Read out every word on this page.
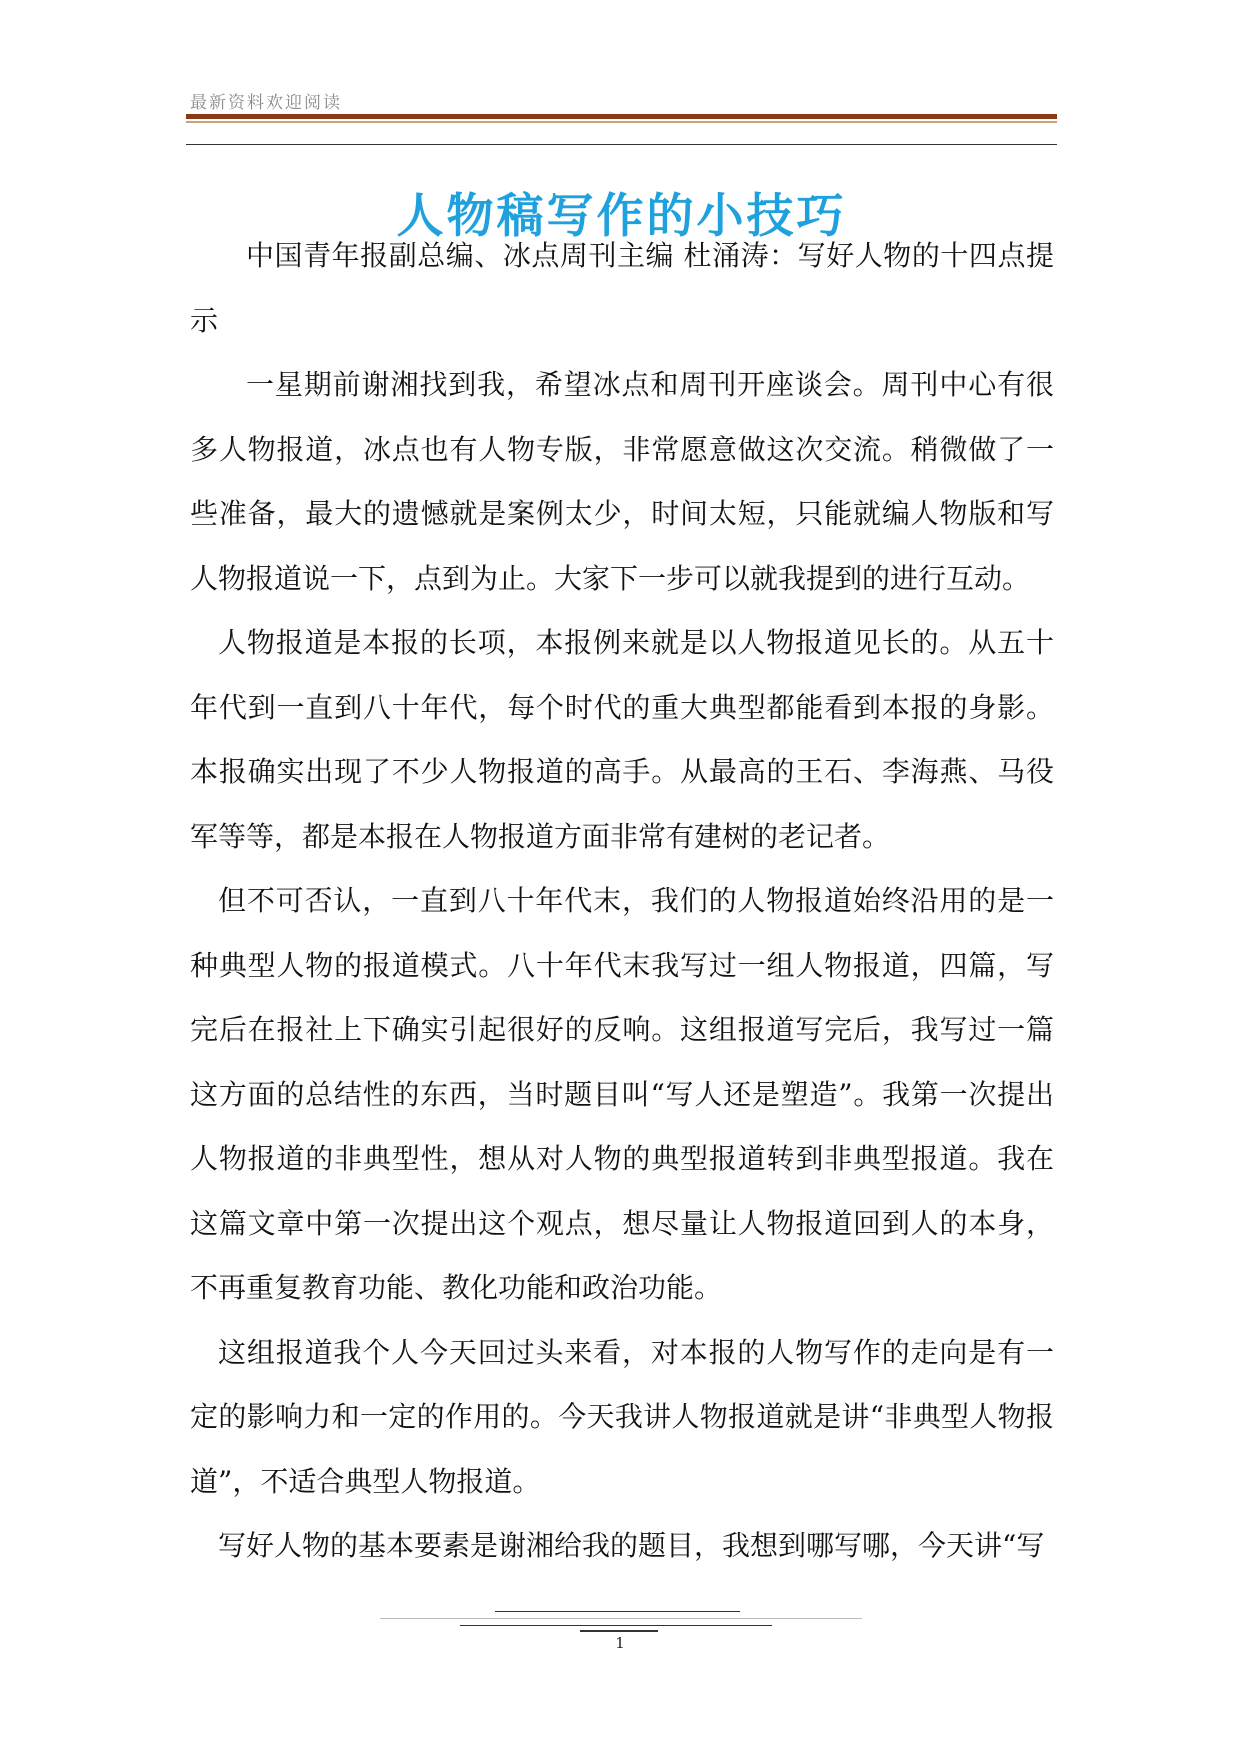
最新资料欢迎阅读
人物稿写作的小技巧

中国青年报副总编、冰点周刊主编 杜涌涛：写好人物的十四点提示

一星期前谢湘找到我，希望冰点和周刊开座谈会。周刊中心有很多人物报道，冰点也有人物专版，非常愿意做这次交流。稍微做了一些准备，最大的遗憾就是案例太少，时间太短，只能就编人物版和写人物报道说一下，点到为止。大家下一步可以就我提到的进行互动。

人物报道是本报的长项，本报例来就是以人物报道见长的。从五十年代到一直到八十年代，每个时代的重大典型都能看到本报的身影。本报确实出现了不少人物报道的高手。从最高的王石、李海燕、马役军等等，都是本报在人物报道方面非常有建树的老记者。

但不可否认，一直到八十年代末，我们的人物报道始终沿用的是一种典型人物的报道模式。八十年代末我写过一组人物报道，四篇，写完后在报社上下确实引起很好的反响。这组报道写完后，我写过一篇这方面的总结性的东西，当时题目叫“写人还是塑造”。我第一次提出人物报道的非典型性，想从对人物的典型报道转到非典型报道。我在这篇文章中第一次提出这个观点，想尽量让人物报道回到人的本身，不再重复教育功能、教化功能和政治功能。

这组报道我个人今天回过头来看，对本报的人物写作的走向是有一定的影响力和一定的作用的。今天我讲人物报道就是讲“非典型人物报道”，不适合典型人物报道。

写好人物的基本要素是谢湘给我的题目，我想到哪写哪，今天讲“写

1
